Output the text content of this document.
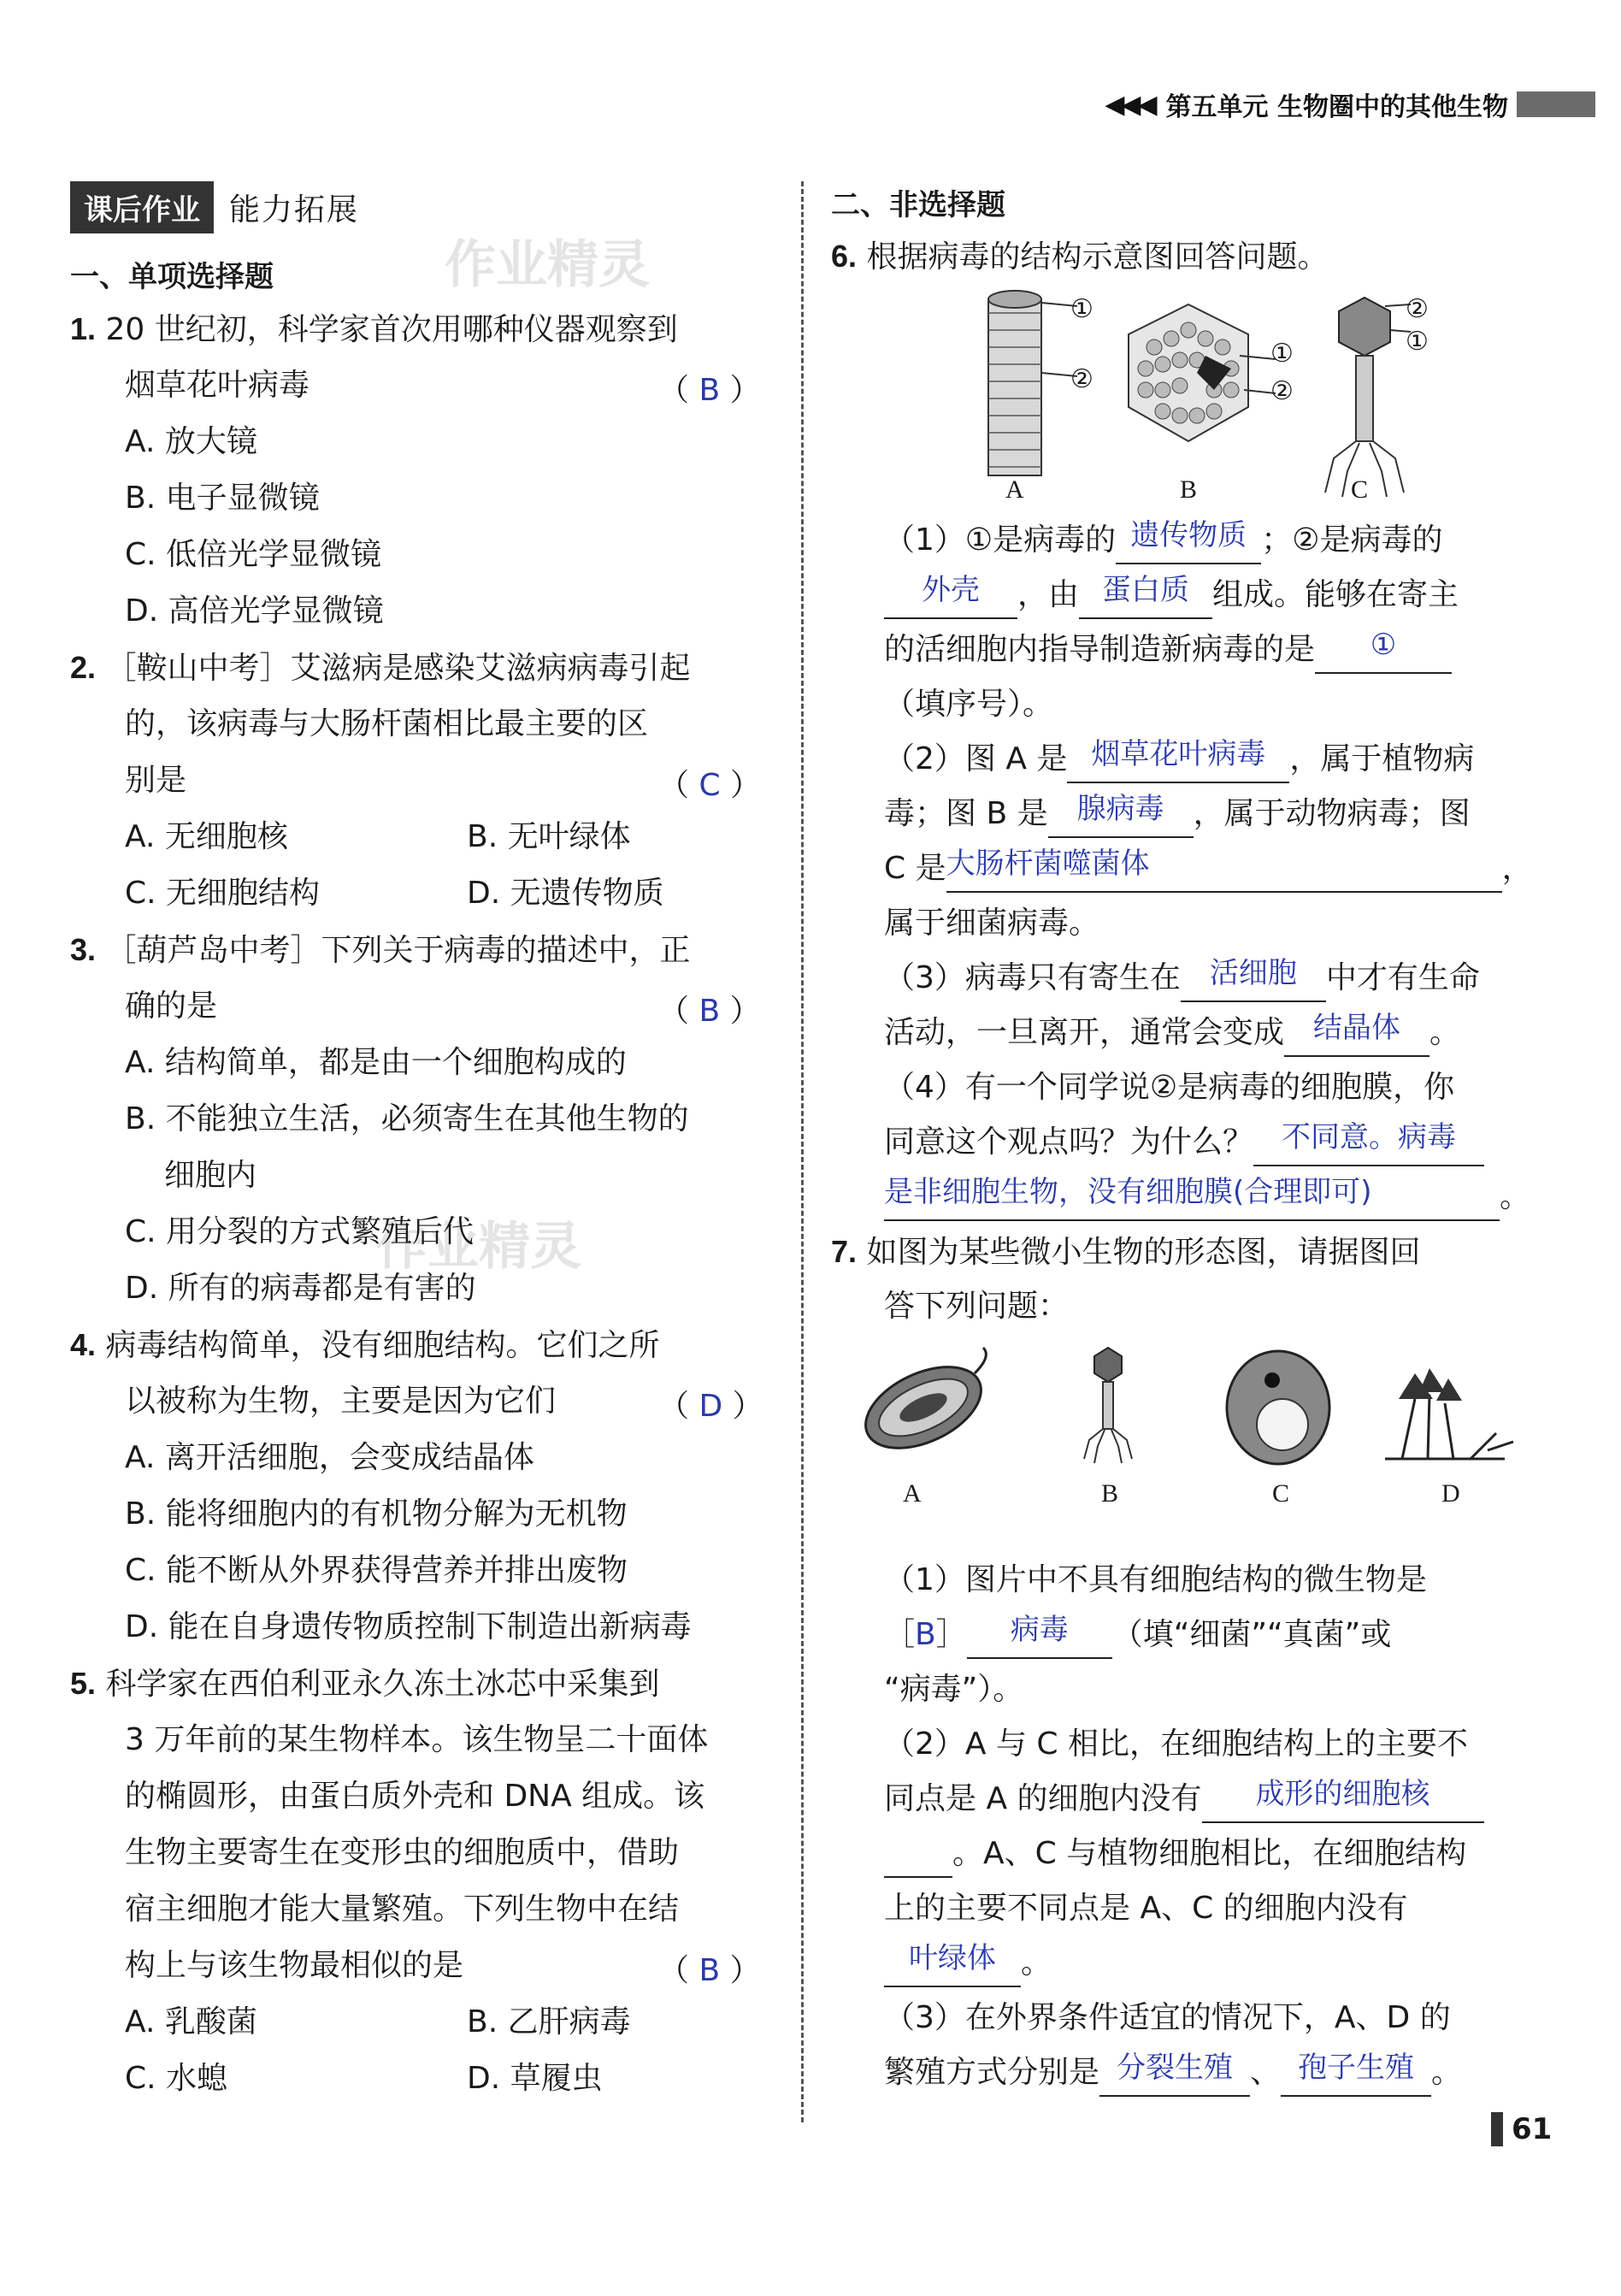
◀◀◀ 第五单元 生物圈中的其他生物
课后作业 能力拓展
作业精灵
作业精灵
一、单项选择题
1. 20 世纪初，科学家首次用哪种仪器观察到
烟草花叶病毒	（ B ）
A. 放大镜
B. 电子显微镜
C. 低倍光学显微镜
D. 高倍光学显微镜
2. ［鞍山中考］艾滋病是感染艾滋病病毒引起
的，该病毒与大肠杆菌相比最主要的区
别是	（ C ）
A. 无细胞核	B. 无叶绿体
C. 无细胞结构	D. 无遗传物质
3. ［葫芦岛中考］下列关于病毒的描述中，正
确的是	（ B ）
A. 结构简单，都是由一个细胞构成的
B. 不能独立生活，必须寄生在其他生物的
细胞内
C. 用分裂的方式繁殖后代
D. 所有的病毒都是有害的
4. 病毒结构简单，没有细胞结构。它们之所
以被称为生物，主要是因为它们	（ D ）
A. 离开活细胞，会变成结晶体
B. 能将细胞内的有机物分解为无机物
C. 能不断从外界获得营养并排出废物
D. 能在自身遗传物质控制下制造出新病毒
5. 科学家在西伯利亚永久冻土冰芯中采集到
3 万年前的某生物样本。该生物呈二十面体
的椭圆形，由蛋白质外壳和 DNA 组成。该
生物主要寄生在变形虫的细胞质中，借助
宿主细胞才能大量繁殖。下列生物中在结
构上与该生物最相似的是	（ B ）
A. 乳酸菌	B. 乙肝病毒
C. 水螅	D. 草履虫
二、非选择题
6. 根据病毒的结构示意图回答问题。
①
②
①
②
②
①
A	B	C
（1）①是病毒的 遗传物质 ；②是病毒的
外壳	，由 蛋白质 组成。能够在寄主
的活细胞内指导制造新病毒的是	①
（填序号）。
（2）图 A 是 烟草花叶病毒 ，属于植物病
毒；图 B 是	腺病毒 ，属于动物病毒；图
C 是 大肠杆菌噬菌体	，
属于细菌病毒。
（3）病毒只有寄生在	活细胞 中才有生命
活动，一旦离开，通常会变成	结晶体 。
（4）有一个同学说②是病毒的细胞膜，你
同意这个观点吗？为什么？ 不同意。病毒
是非细胞生物，没有细胞膜(合理即可)	。
7. 如图为某些微小生物的形态图，请据图回
答下列问题：
A	B	C	D
（1）图片中不具有细胞结构的微生物是
［B］	病毒	（填“细菌”“真菌”或
“病毒”）。
（2）A 与 C 相比，在细胞结构上的主要不
同点是 A 的细胞内没有	成形的细胞核
。A、C 与植物细胞相比，在细胞结构
上的主要不同点是 A、C 的细胞内没有
叶绿体 。
（3）在外界条件适宜的情况下，A、D 的
繁殖方式分别是 分裂生殖 、 孢子生殖 。
61
